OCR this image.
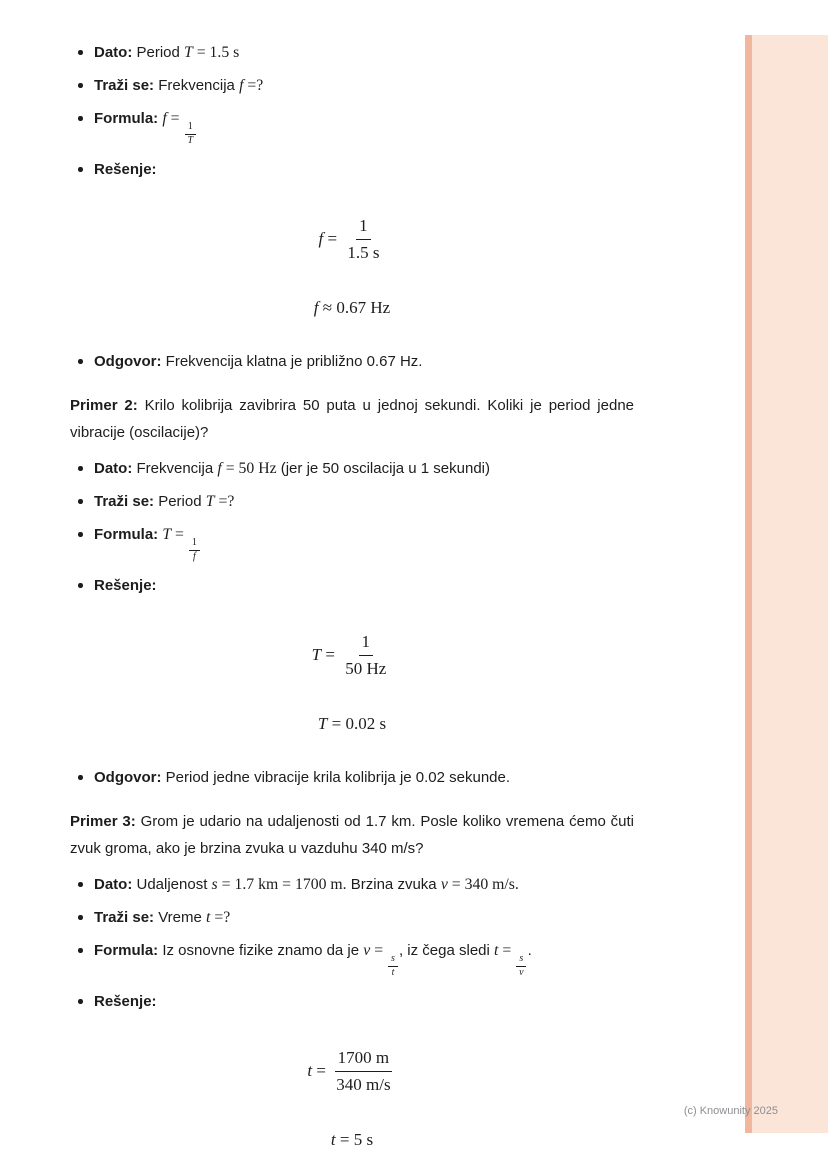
Dato: Period T = 1.5 s
Traži se: Frekvencija f =?
Formula: f =
$\frac{1}{T}$
Rešenje:
$f = \frac{1}{1.5 s}$
f ≈ 0.67 Hz
Odgovor: Frekvencija klatna je približno 0.67 Hz.
Primer 2: Krilo kolibrija zavibrira 50 puta u jednoj sekundi. Koliki je period jedne vibracije (oscilacije)?
Dato: Frekvencija f = 50 Hz (jer je 50 oscilacija u 1 sekundi)
Traži se: Period T =?
Formula: T =
$\frac{1}{f}$
Rešenje:
$T = \frac{1}{50 Hz}$
T = 0.02 s
Odgovor: Period jedne vibracije krila kolibrija je 0.02 sekunde.
Primer 3: Grom je udario na udaljenosti od 1.7 km. Posle koliko vremena ćemo čuti zvuk groma, ako je brzina zvuka u vazduhu 340 m/s?
Dato: Udaljenost s = 1.7 km = 1700 m. Brzina zvuka v = 340 m/s.
Traži se: Vreme t =?
Formula: Iz osnovne fizike znamo da je v =
$\frac{s}{t}$
, iz čega sledi t =
$\frac{s}{v}$
.
Rešenje:
$t = \frac{1700 m}{340 m/s}$
t = 5 s
(c) Knowunity 2025
